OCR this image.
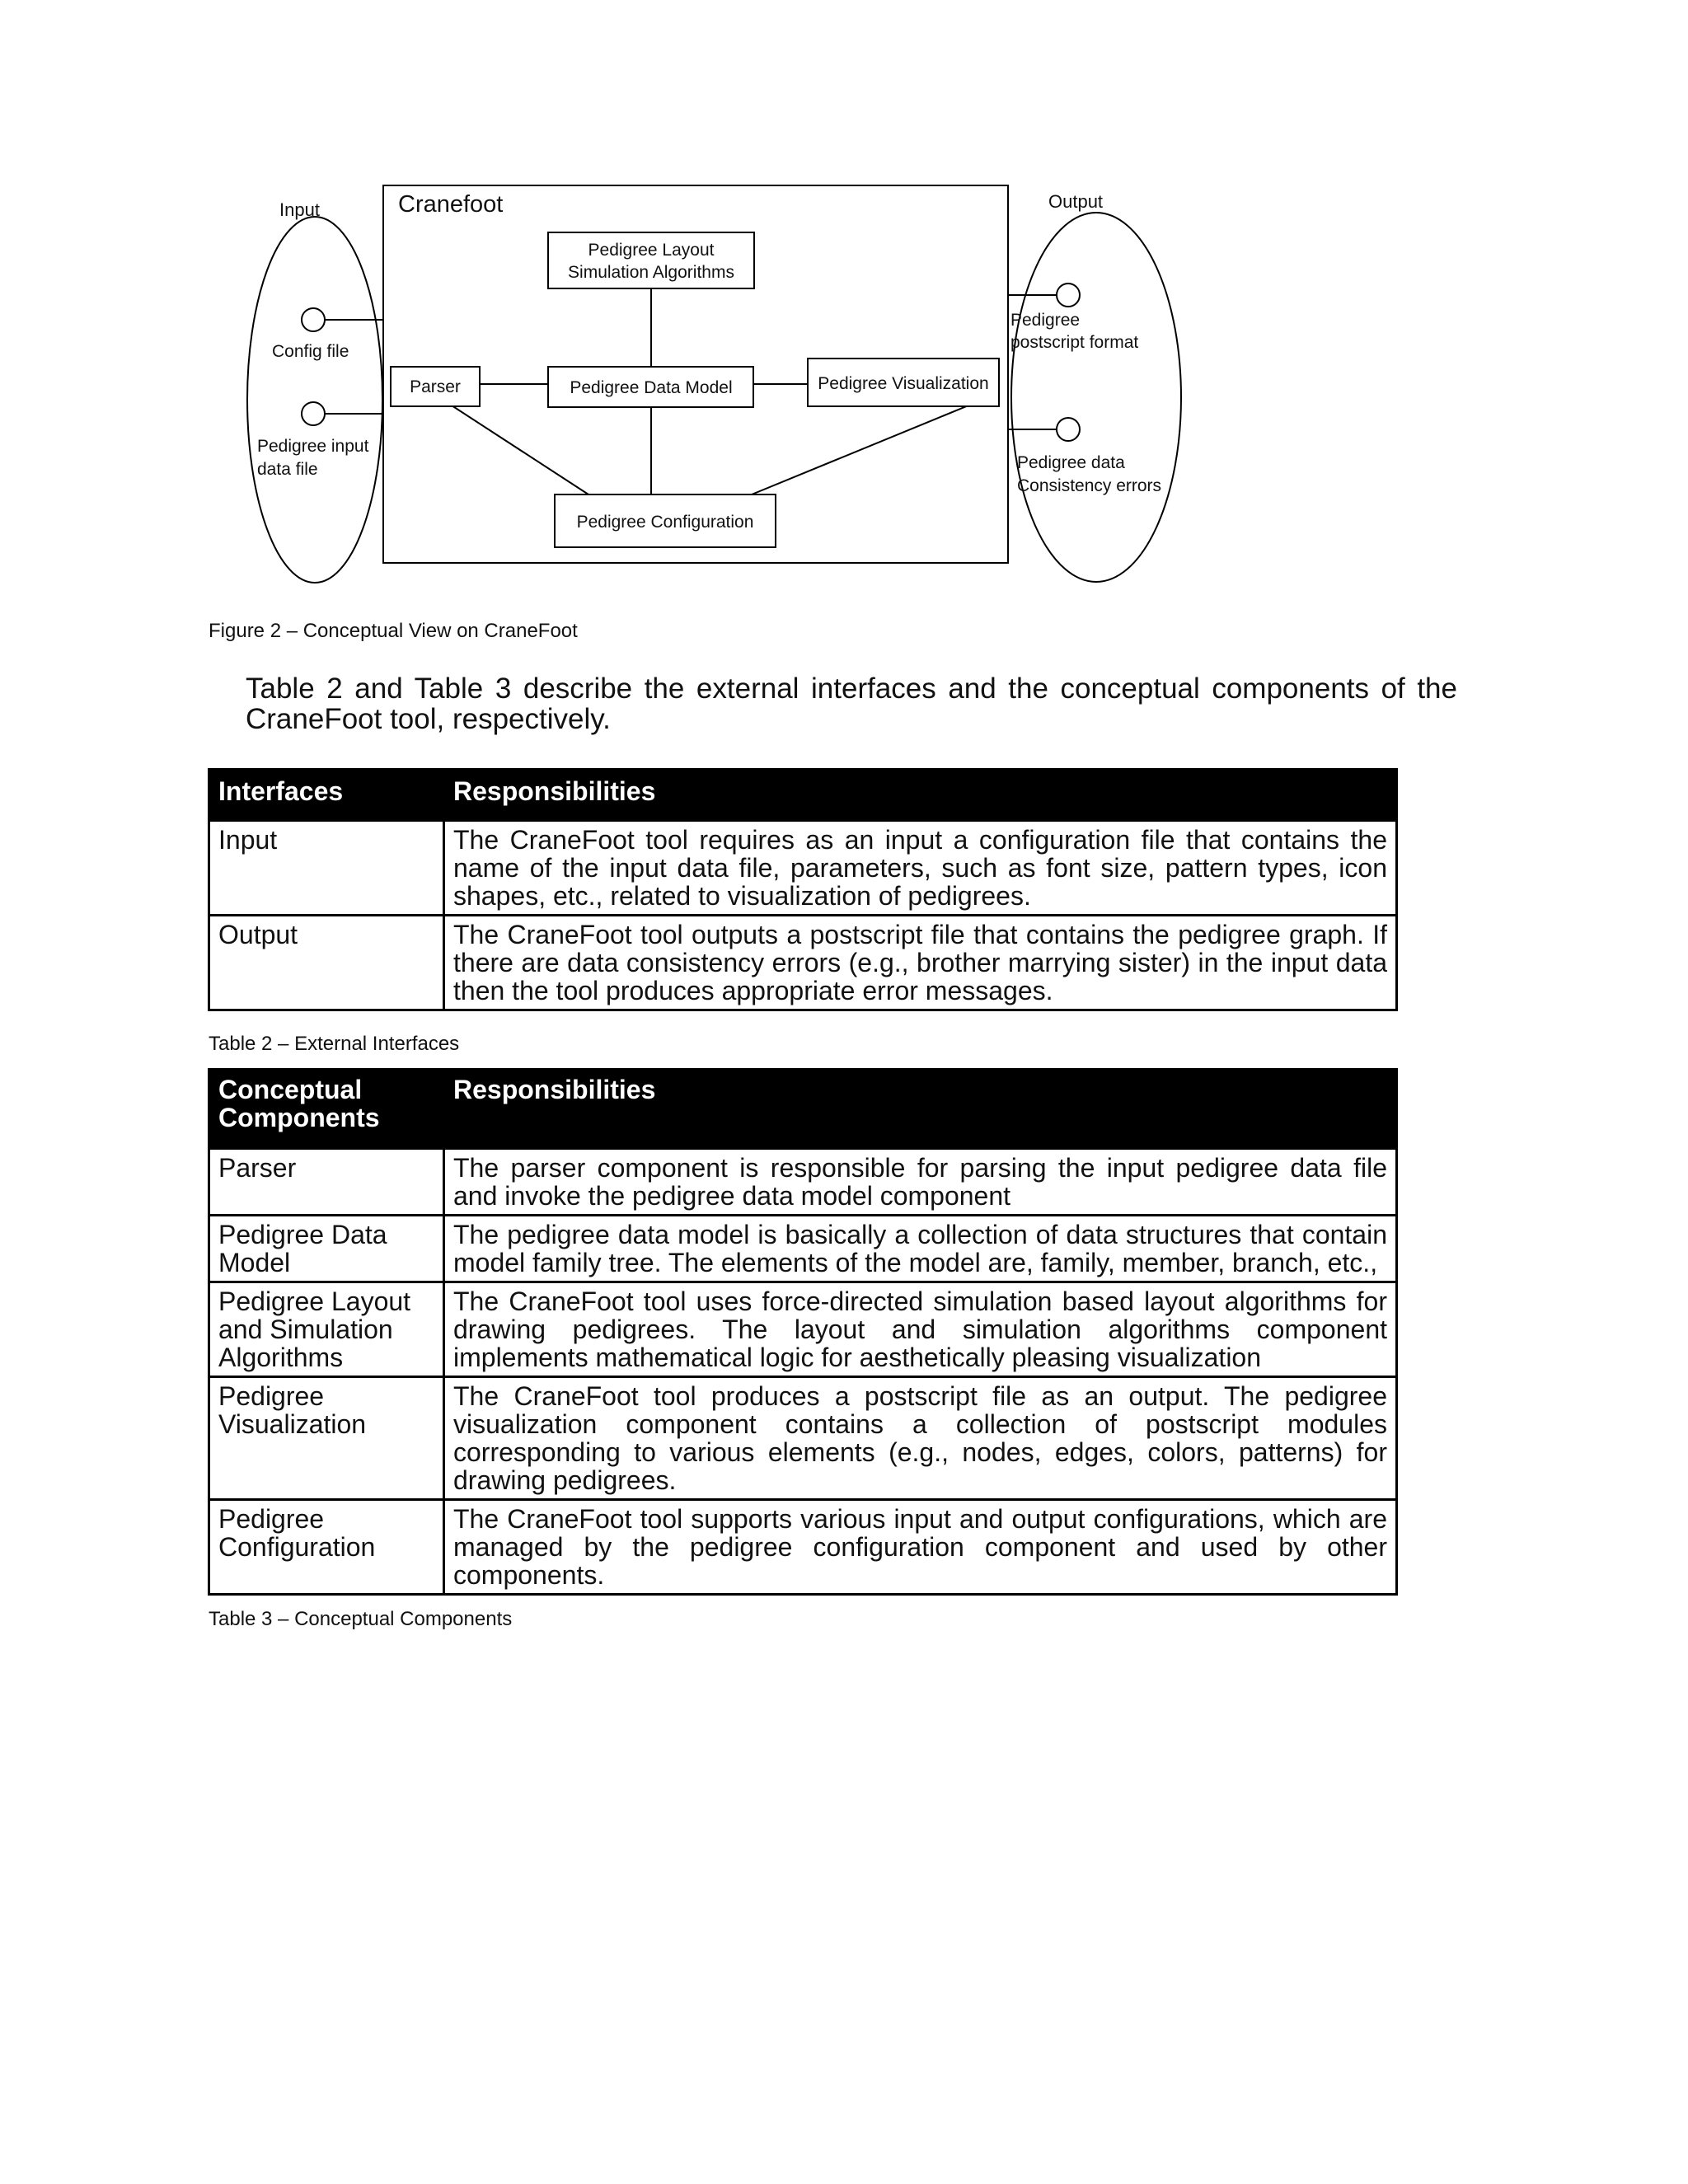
Input	Output
Cranefoot
Pedigree Layout
Simulation Algorithms
Parser	Pedigree Data Model	Pedigree Visualization
Pedigree Configuration
Config file
Pedigree input
data file
Pedigree
postscript format
Pedigree data
Consistency errors
Figure 2 – Conceptual View on CraneFoot

Table 2 and Table 3 describe the external interfaces and the conceptual components of the CraneFoot tool, respectively.

Interfaces	Responsibilities
Input	The CraneFoot tool requires as an input a configuration file that contains the name of the input data file, parameters, such as font size, pattern types, icon shapes, etc., related to visualization of pedigrees.
Output	The CraneFoot tool outputs a postscript file that contains the pedigree graph. If there are data consistency errors (e.g., brother marrying sister) in the input data then the tool produces appropriate error messages.
Table 2 – External Interfaces
Conceptual Components	Responsibilities
Parser	The parser component is responsible for parsing the input pedigree data file and invoke the pedigree data model component
Pedigree Data Model	The pedigree data model is basically a collection of data structures that contain model family tree. The elements of the model are, family, member, branch, etc.,
Pedigree Layout and Simulation Algorithms	The CraneFoot tool uses force-directed simulation based layout algorithms for drawing pedigrees. The layout and simulation algorithms component implements mathematical logic for aesthetically pleasing visualization
Pedigree Visualization	The CraneFoot tool produces a postscript file as an output. The pedigree visualization component contains a collection of postscript modules corresponding to various elements (e.g., nodes, edges, colors, patterns) for drawing pedigrees.
Pedigree Configuration	The CraneFoot tool supports various input and output configurations, which are managed by the pedigree configuration component and used by other components.
Table 3 – Conceptual Components
